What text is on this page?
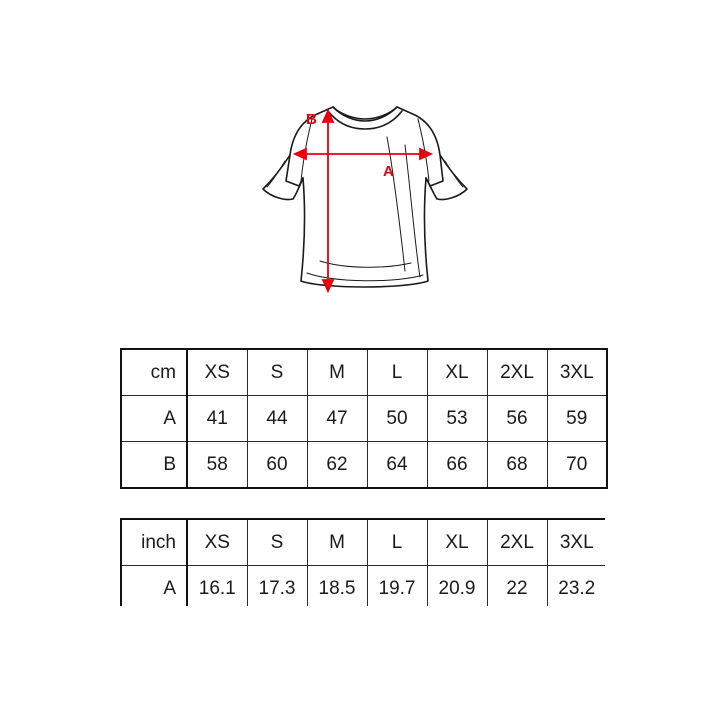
A
B
cm	XS	S	M	L	XL	2XL	3XL
A	41	44	47	50	53	56	59
B	58	60	62	64	66	68	70
inch	XS	S	M	L	XL	2XL	3XL
A	16.1	17.3	18.5	19.7	20.9	22	23.2
